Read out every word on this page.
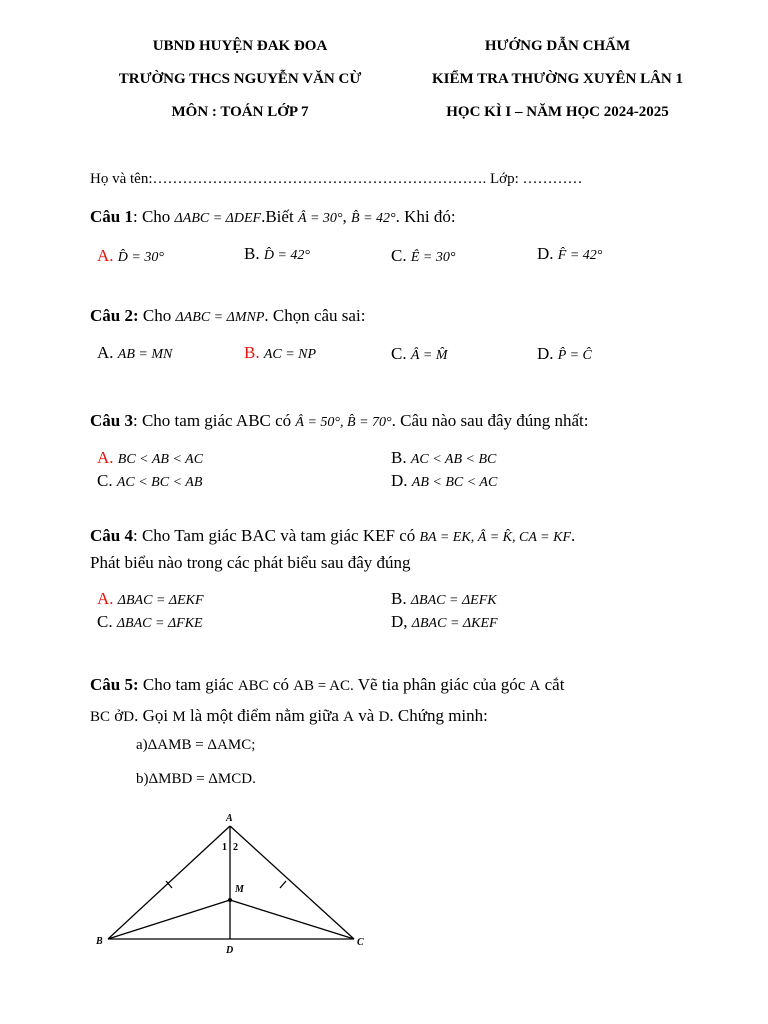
UBND HUYỆN ĐAK ĐOA
TRƯỜNG THCS NGUYỄN VĂN CỪ
MÔN : TOÁN LỚP 7
HƯỚNG DẪN CHẤM
KIỂM TRA THƯỜNG XUYÊN LÂN 1
HỌC KÌ I – NĂM HỌC 2024-2025
Họ và tên:…………………………………………………………. Lớp: …………
Câu 1: Cho ΔABC = ΔDEF.Biết Â = 30°, B̂ = 42°. Khi đó:
A. D̂ = 30°	B. D̂ = 42°	C. Ê = 30°	D. F̂ = 42°
Câu 2: Cho ΔABC = ΔMNP. Chọn câu sai:
A. AB = MN	B. AC = NP	C. Â = M̂	D. P̂ = Ĉ
Câu 3: Cho tam giác ABC có Â = 50°, B̂ = 70°. Câu nào sau đây đúng nhất:
A. BC < AB < AC	B. AC < AB < BC
C. AC < BC < AB	D. AB < BC < AC
Câu 4: Cho Tam giác BAC và tam giác KEF có BA = EK, Â = K̂, CA = KF.
Phát biểu nào trong các phát biểu sau đây đúng
A. ΔBAC = ΔEKF	B. ΔBAC = ΔEFK
C. ΔBAC = ΔFKE	D, ΔBAC = ΔKEF
Câu 5: Cho tam giác ABC có AB = AC. Vẽ tia phân giác của góc A cắt
BC ởD. Gọi M là một điểm nằm giữa A và D. Chứng minh:
a)ΔAMB = ΔAMC;
b)ΔMBD = ΔMCD.
A
B	C
D
M
1 2
